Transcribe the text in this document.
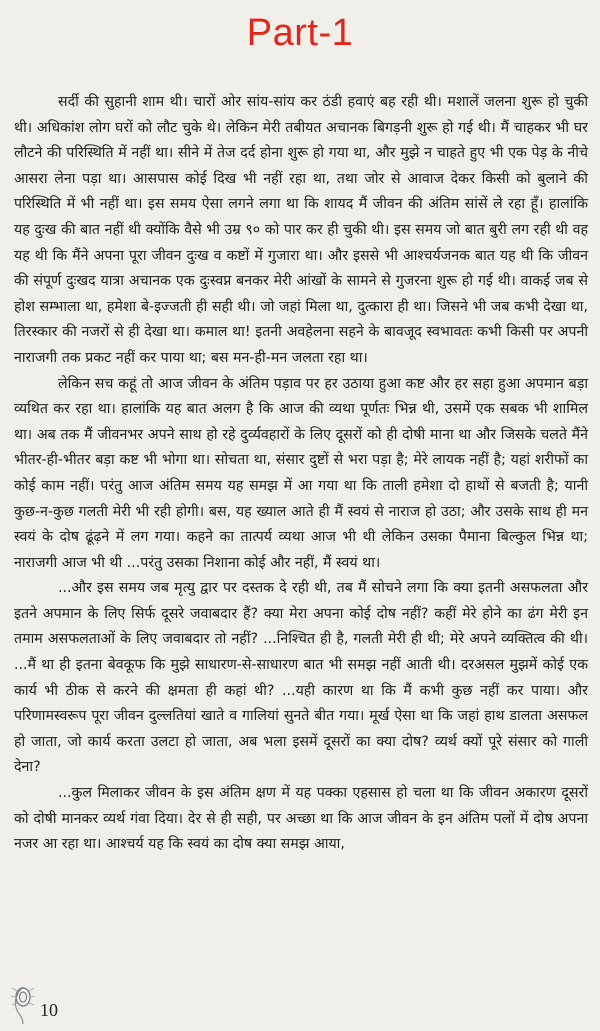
Part-1

सर्दी की सुहानी शाम थी। चारों ओर सांय-सांय कर ठंडी हवाएं बह रही थी। मशालें जलना शुरू हो चुकी थी। अधिकांश लोग घरों को लौट चुके थे। लेकिन मेरी तबीयत अचानक बिगड़नी शुरू हो गई थी। मैं चाहकर भी घर लौटने की परिस्थिति में नहीं था। सीने में तेज दर्द होना शुरू हो गया था, और मुझे न चाहते हुए भी एक पेड़ के नीचे आसरा लेना पड़ा था। आसपास कोई दिख भी नहीं रहा था, तथा जोर से आवाज देकर किसी को बुलाने की परिस्थिति में भी नहीं था। इस समय ऐसा लगने लगा था कि शायद मैं जीवन की अंतिम सांसें ले रहा हूँ। हालांकि यह दुःख की बात नहीं थी क्योंकि वैसे भी उम्र ९० को पार कर ही चुकी थी। इस समय जो बात बुरी लग रही थी वह यह थी कि मैंने अपना पूरा जीवन दुःख व कष्टों में गुजारा था। और इससे भी आश्चर्यजनक बात यह थी कि जीवन की संपूर्ण दुःखद यात्रा अचानक एक दुःस्वप्न बनकर मेरी आंखों के सामने से गुजरना शुरू हो गई थी। वाकई जब से होश सम्भाला था, हमेशा बे-इज्जती ही सही थी। जो जहां मिला था, दुत्कारा ही था। जिसने भी जब कभी देखा था, तिरस्कार की नजरों से ही देखा था। कमाल था! इतनी अवहेलना सहने के बावजूद स्वभावतः कभी किसी पर अपनी नाराजगी तक प्रकट नहीं कर पाया था; बस मन-ही-मन जलता रहा था।

लेकिन सच कहूं तो आज जीवन के अंतिम पड़ाव पर हर उठाया हुआ कष्ट और हर सहा हुआ अपमान बड़ा व्यथित कर रहा था। हालांकि यह बात अलग है कि आज की व्यथा पूर्णतः भिन्न थी, उसमें एक सबक भी शामिल था। अब तक मैं जीवनभर अपने साथ हो रहे दुर्व्यवहारों के लिए दूसरों को ही दोषी माना था और जिसके चलते मैंने भीतर-ही-भीतर बड़ा कष्ट भी भोगा था। सोचता था, संसार दुष्टों से भरा पड़ा है; मेरे लायक नहीं है; यहां शरीफों का कोई काम नहीं। परंतु आज अंतिम समय यह समझ में आ गया था कि ताली हमेशा दो हाथों से बजती है; यानी कुछ-न-कुछ गलती मेरी भी रही होगी। बस, यह ख्याल आते ही मैं स्वयं से नाराज हो उठा; और उसके साथ ही मन स्वयं के दोष ढूंढ़ने में लग गया। कहने का तात्पर्य व्यथा आज भी थी लेकिन उसका पैमाना बिल्कुल भिन्न था; नाराजगी आज भी थी ...परंतु उसका निशाना कोई और नहीं, मैं स्वयं था।

...और इस समय जब मृत्यु द्वार पर दस्तक दे रही थी, तब मैं सोचने लगा कि क्या इतनी असफलता और इतने अपमान के लिए सिर्फ दूसरे जवाबदार हैं? क्या मेरा अपना कोई दोष नहीं? कहीं मेरे होने का ढंग मेरी इन तमाम असफलताओं के लिए जवाबदार तो नहीं? ...निश्चित ही है, गलती मेरी ही थी; मेरे अपने व्यक्तित्व की थी। ...मैं था ही इतना बेवकूफ कि मुझे साधारण-से-साधारण बात भी समझ नहीं आती थी। दरअसल मुझमें कोई एक कार्य भी ठीक से करने की क्षमता ही कहां थी? ...यही कारण था कि मैं कभी कुछ नहीं कर पाया। और परिणामस्वरूप पूरा जीवन दुल्लतियां खाते व गालियां सुनते बीत गया। मूर्ख ऐसा था कि जहां हाथ डालता असफल हो जाता, जो कार्य करता उलटा हो जाता, अब भला इसमें दूसरों का क्या दोष? व्यर्थ क्यों पूरे संसार को गाली देना?

...कुल मिलाकर जीवन के इस अंतिम क्षण में यह पक्का एहसास हो चला था कि जीवन अकारण दूसरों को दोषी मानकर व्यर्थ गंवा दिया। देर से ही सही, पर अच्छा था कि आज जीवन के इन अंतिम पलों में दोष अपना नजर आ रहा था। आश्चर्य यह कि स्वयं का दोष क्या समझ आया,

10
